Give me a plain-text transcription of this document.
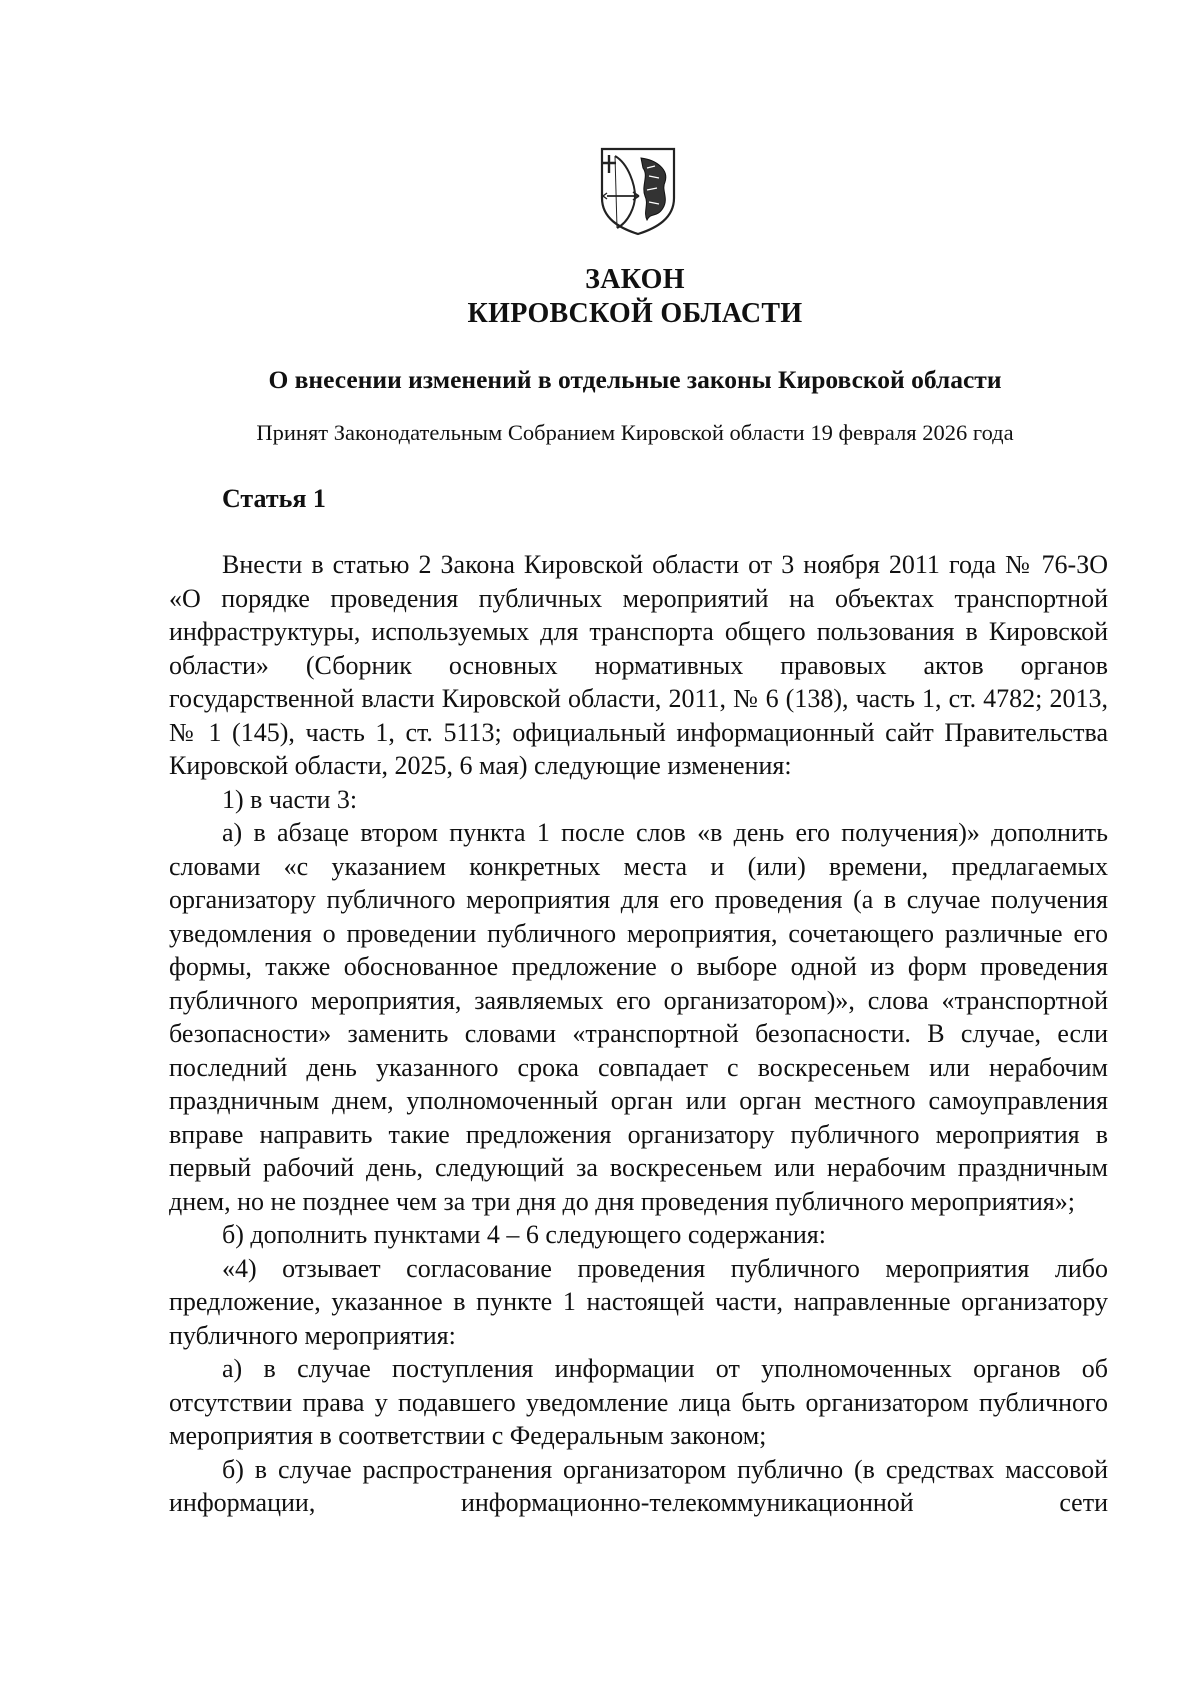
ЗАКОН
КИРОВСКОЙ ОБЛАСТИ
О внесении изменений в отдельные законы Кировской области
Принят Законодательным Собранием Кировской области 19 февраля 2026 года
Статья 1

Внести в статью 2 Закона Кировской области от 3 ноября 2011 года № 76-ЗО «О порядке проведения публичных мероприятий на объектах транспортной инфраструктуры, используемых для транспорта общего пользования в Кировской области» (Сборник основных нормативных правовых актов органов государственной власти Кировской области, 2011, № 6 (138), часть 1, ст. 4782; 2013, № 1 (145), часть 1, ст. 5113; официальный информационный сайт Правительства Кировской области, 2025, 6 мая) следующие изменения:

1) в части 3:

а) в абзаце втором пункта 1 после слов «в день его получения)» дополнить словами «с указанием конкретных места и (или) времени, предлагаемых организатору публичного мероприятия для его проведения (а в случае получения уведомления о проведении публичного мероприятия, сочетающего различные его формы, также обоснованное предложение о выборе одной из форм проведения публичного мероприятия, заявляемых его организатором)», слова «транспортной безопасности» заменить словами «транспортной безопасности. В случае, если последний день указанного срока совпадает с воскресеньем или нерабочим праздничным днем, уполномоченный орган или орган местного самоуправления вправе направить такие предложения организатору публичного мероприятия в первый рабочий день, следующий за воскресеньем или нерабочим праздничным днем, но не позднее чем за три дня до дня проведения публичного мероприятия»;

б) дополнить пунктами 4 – 6 следующего содержания:

«4) отзывает согласование проведения публичного мероприятия либо предложение, указанное в пункте 1 настоящей части, направленные организатору публичного мероприятия:

а) в случае поступления информации от уполномоченных органов об отсутствии права у подавшего уведомление лица быть организатором публичного мероприятия в соответствии с Федеральным законом;

б) в случае распространения организатором публично (в средствах массовой информации, информационно-телекоммуникационной сети
